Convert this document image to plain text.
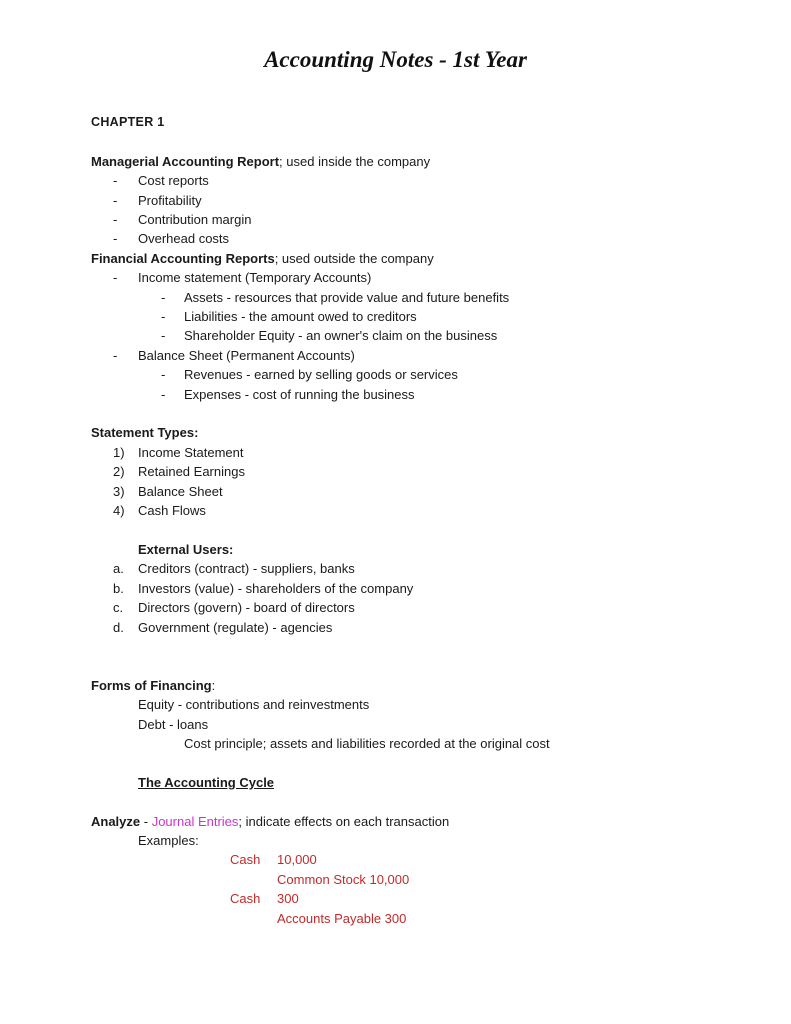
Accounting Notes - 1st Year
CHAPTER 1
Managerial Accounting Report ; used inside the company
-	Cost reports
-	Profitability
-	Contribution margin
-	Overhead costs
Financial Accounting Reports ; used outside the company
-	Income statement (Temporary Accounts)
-	Assets - resources that provide value and future benefits
-	Liabilities - the amount owed to creditors
-	Shareholder Equity - an owner's claim on the business
-	Balance Sheet (Permanent Accounts)
-	Revenues - earned by selling goods or services
-	Expenses - cost of running the business
Statement Types:
1)	Income Statement
2)	Retained Earnings
3)	Balance Sheet
4)	Cash Flows
External Users:
a.	Creditors (contract) - suppliers, banks
b.	Investors (value) - shareholders of the company
c.	Directors (govern) - board of directors
d.	Government (regulate) - agencies
Forms of Financing :
Equity - contributions and reinvestments
Debt - loans
Cost principle; assets and liabilities recorded at the original cost
The Accounting Cycle
Analyze - Journal Entries ; indicate effects on each transaction
Examples:
Cash	10,000
Common Stock 10,000
Cash	300
Accounts Payable 300
